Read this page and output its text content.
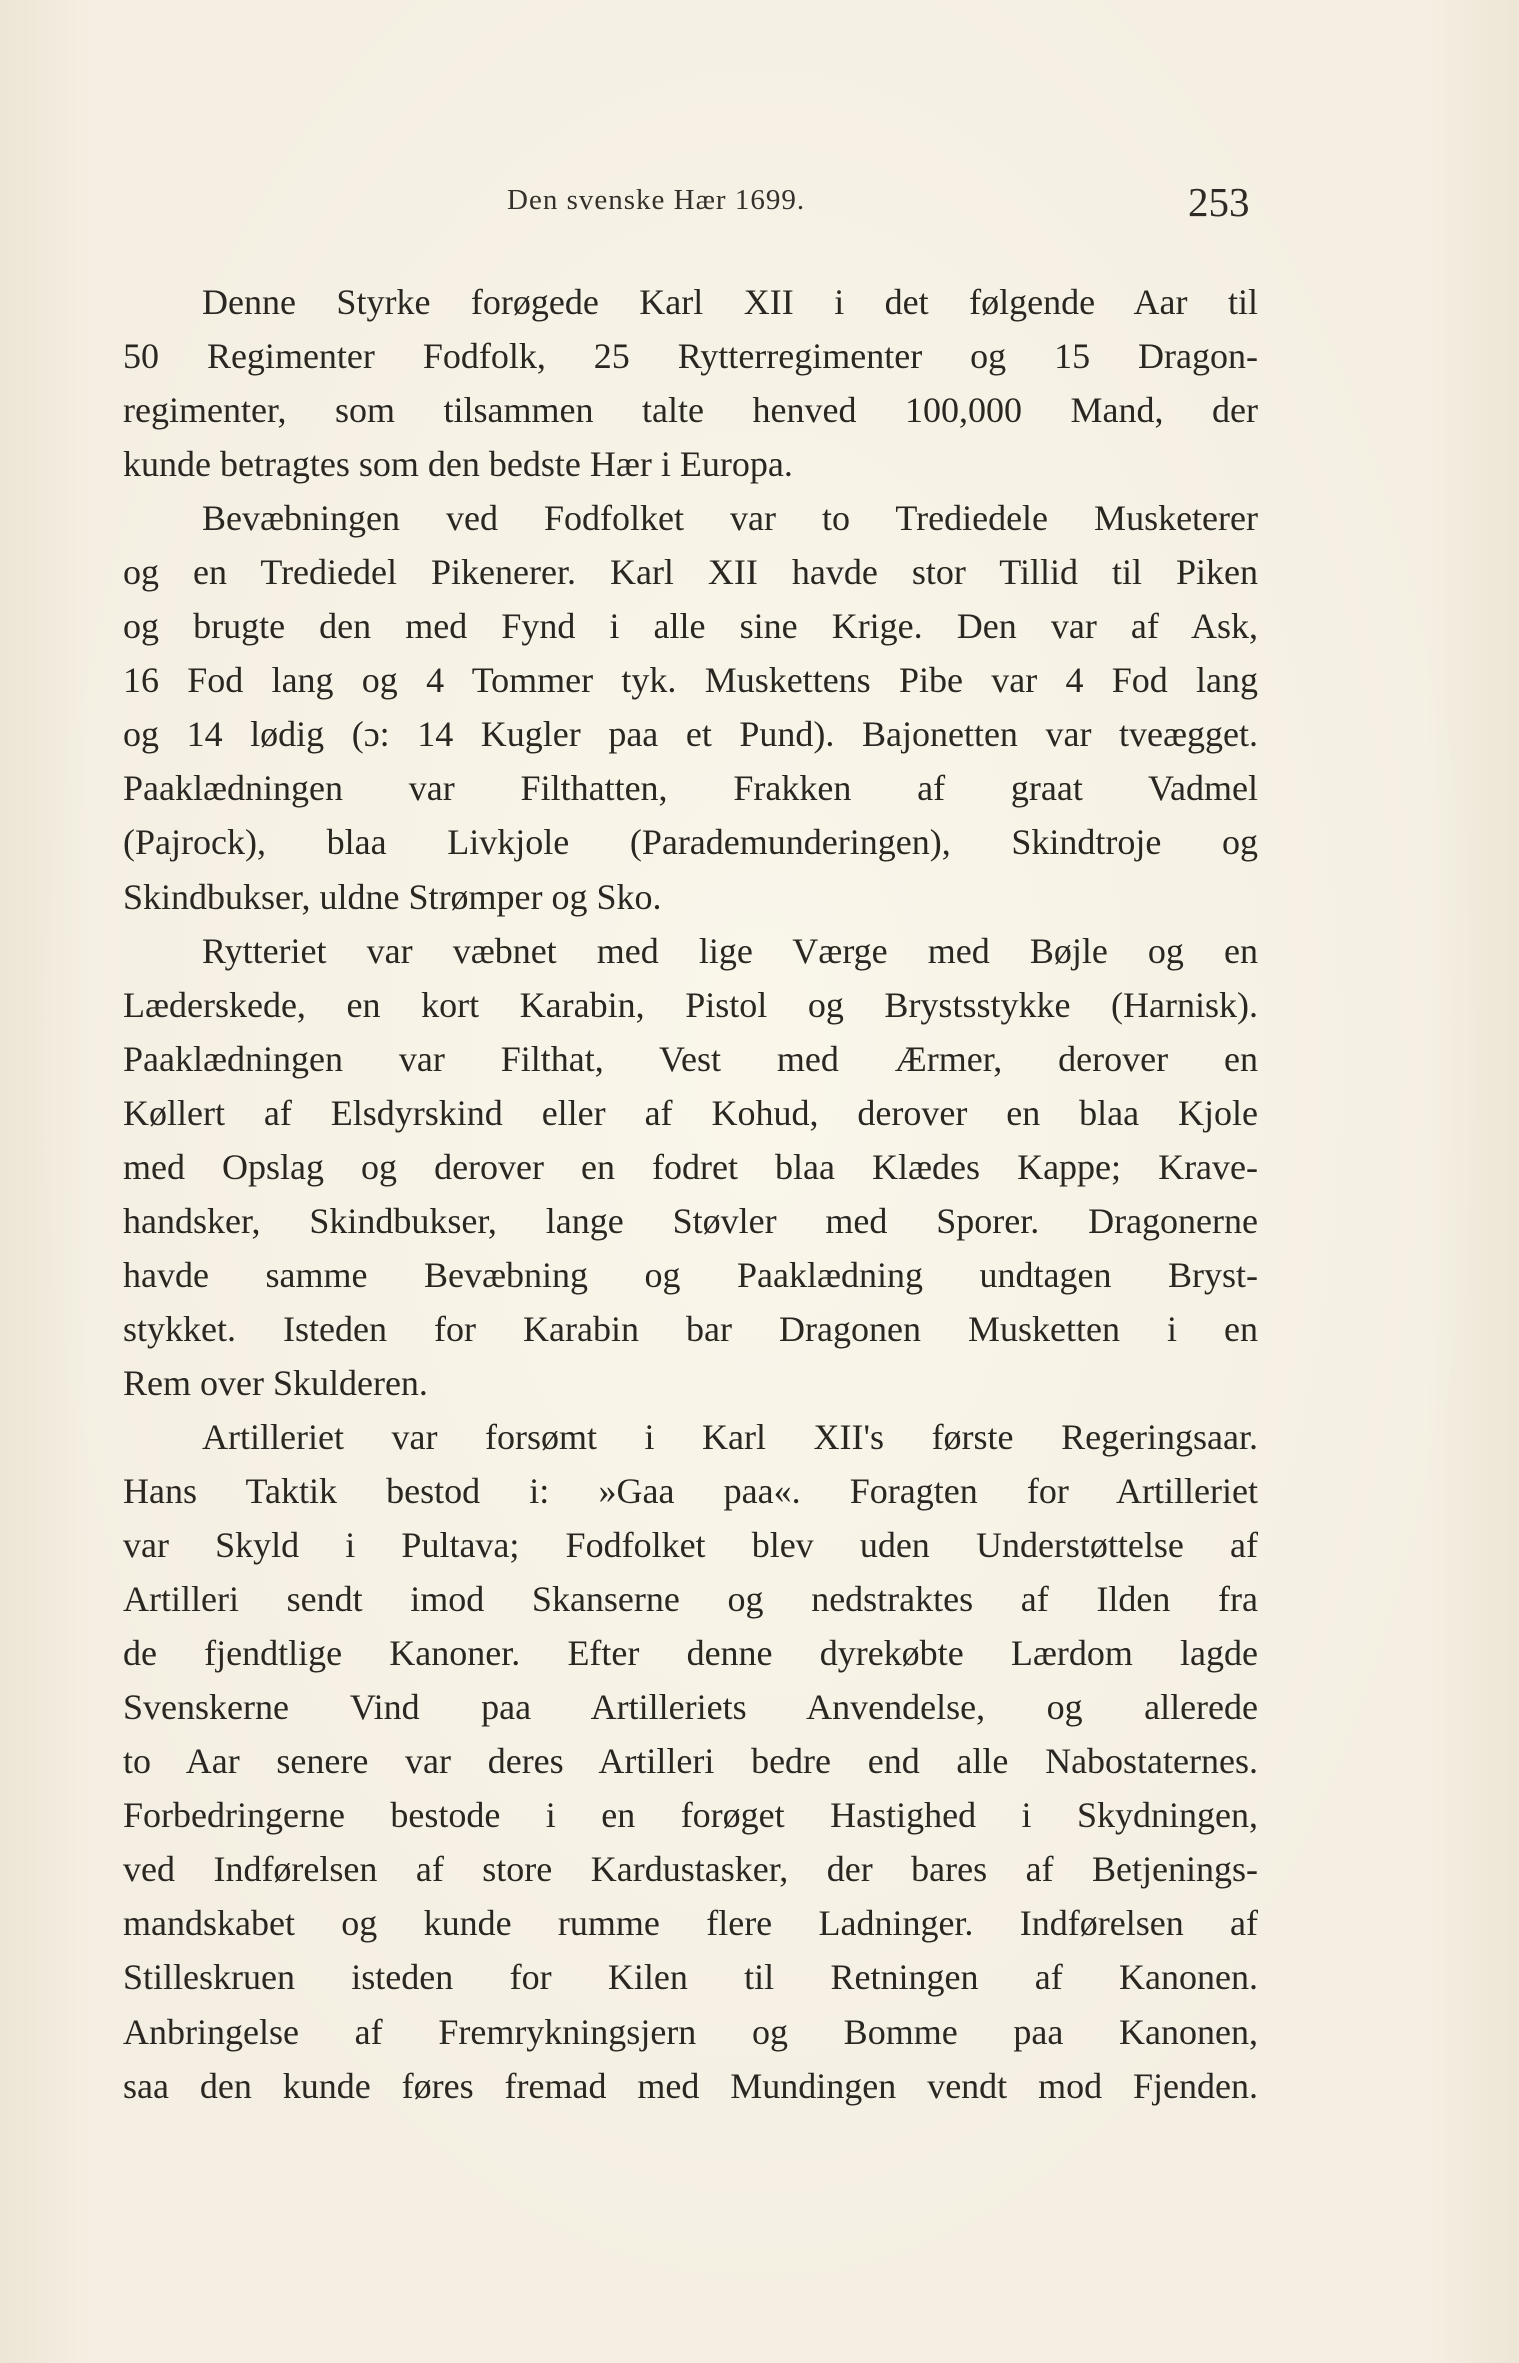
Den svenske Hær 1699.	253
Denne Styrke forøgede Karl XII i det følgende Aar til
50 Regimenter Fodfolk, 25 Rytterregimenter og 15 Dragon-
regimenter, som tilsammen talte henved 100,000 Mand, der
kunde betragtes som den bedste Hær i Europa.
Bevæbningen ved Fodfolket var to Trediedele Musketerer
og en Trediedel Pikenerer. Karl XII havde stor Tillid til Piken
og brugte den med Fynd i alle sine Krige. Den var af Ask,
16 Fod lang og 4 Tommer tyk. Muskettens Pibe var 4 Fod lang
og 14 lødig (ɔ: 14 Kugler paa et Pund). Bajonetten var tveægget.
Paaklædningen var Filthatten, Frakken af graat Vadmel
(Pajrock), blaa Livkjole (Parademunderingen), Skindtroje og
Skindbukser, uldne Strømper og Sko.
Rytteriet var væbnet med lige Værge med Bøjle og en
Læderskede, en kort Karabin, Pistol og Brystsstykke (Harnisk).
Paaklædningen var Filthat, Vest med Ærmer, derover en
Køllert af Elsdyrskind eller af Kohud, derover en blaa Kjole
med Opslag og derover en fodret blaa Klædes Kappe; Krave-
handsker, Skindbukser, lange Støvler med Sporer. Dragonerne
havde samme Bevæbning og Paaklædning undtagen Bryst-
stykket. Isteden for Karabin bar Dragonen Musketten i en
Rem over Skulderen.
Artilleriet var forsømt i Karl XII's første Regeringsaar.
Hans Taktik bestod i: »Gaa paa«. Foragten for Artilleriet
var Skyld i Pultava; Fodfolket blev uden Understøttelse af
Artilleri sendt imod Skanserne og nedstraktes af Ilden fra
de fjendtlige Kanoner. Efter denne dyrekøbte Lærdom lagde
Svenskerne Vind paa Artilleriets Anvendelse, og allerede
to Aar senere var deres Artilleri bedre end alle Nabostaternes.
Forbedringerne bestode i en forøget Hastighed i Skydningen,
ved Indførelsen af store Kardustasker, der bares af Betjenings-
mandskabet og kunde rumme flere Ladninger. Indførelsen af
Stilleskruen isteden for Kilen til Retningen af Kanonen.
Anbringelse af Fremrykningsjern og Bomme paa Kanonen,
saa den kunde føres fremad med Mundingen vendt mod Fjenden.
